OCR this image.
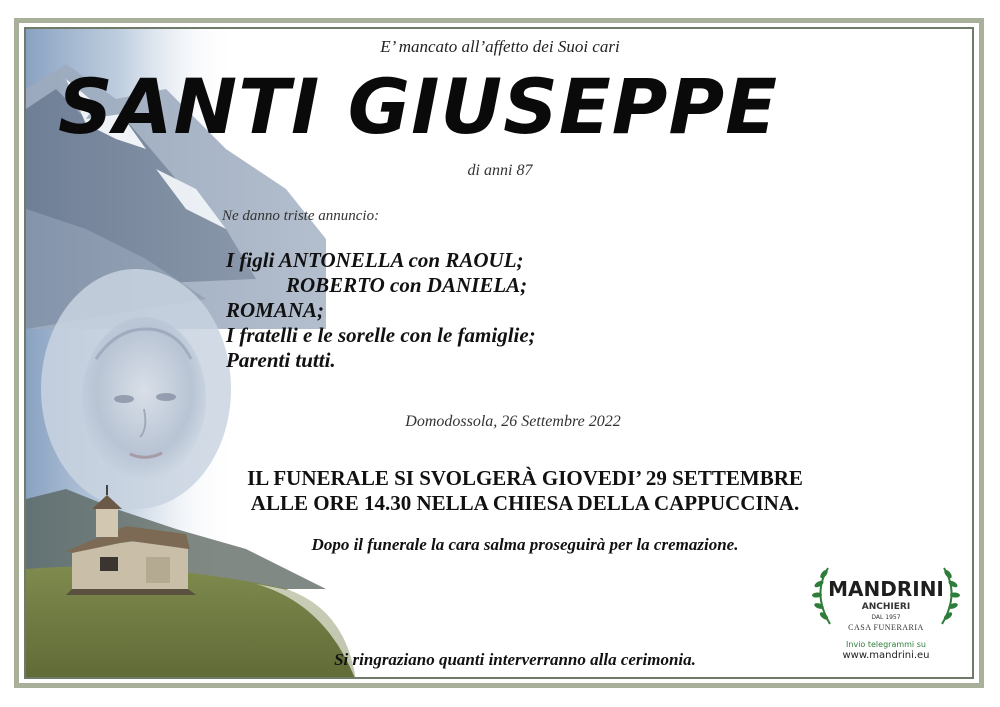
E’ mancato all’affetto dei Suoi cari
SANTI GIUSEPPE
di anni 87
Ne danno triste annuncio:
I figli ANTONELLA con RAOUL;
ROBERTO con DANIELA;
ROMANA;
I fratelli e le sorelle con le famiglie;
Parenti tutti.
Domodossola, 26 Settembre 2022
IL FUNERALE SI SVOLGERÀ GIOVEDI’ 29 SETTEMBRE
ALLE ORE 14.30 NELLA CHIESA DELLA CAPPUCCINA.
Dopo il funerale la cara salma proseguirà per la cremazione.
Si ringraziano quanti interverranno alla cerimonia.
MANDRINI
ANCHIERI
DAL 1957
CASA FUNERARIA
Invio telegrammi su
www.mandrini.eu
